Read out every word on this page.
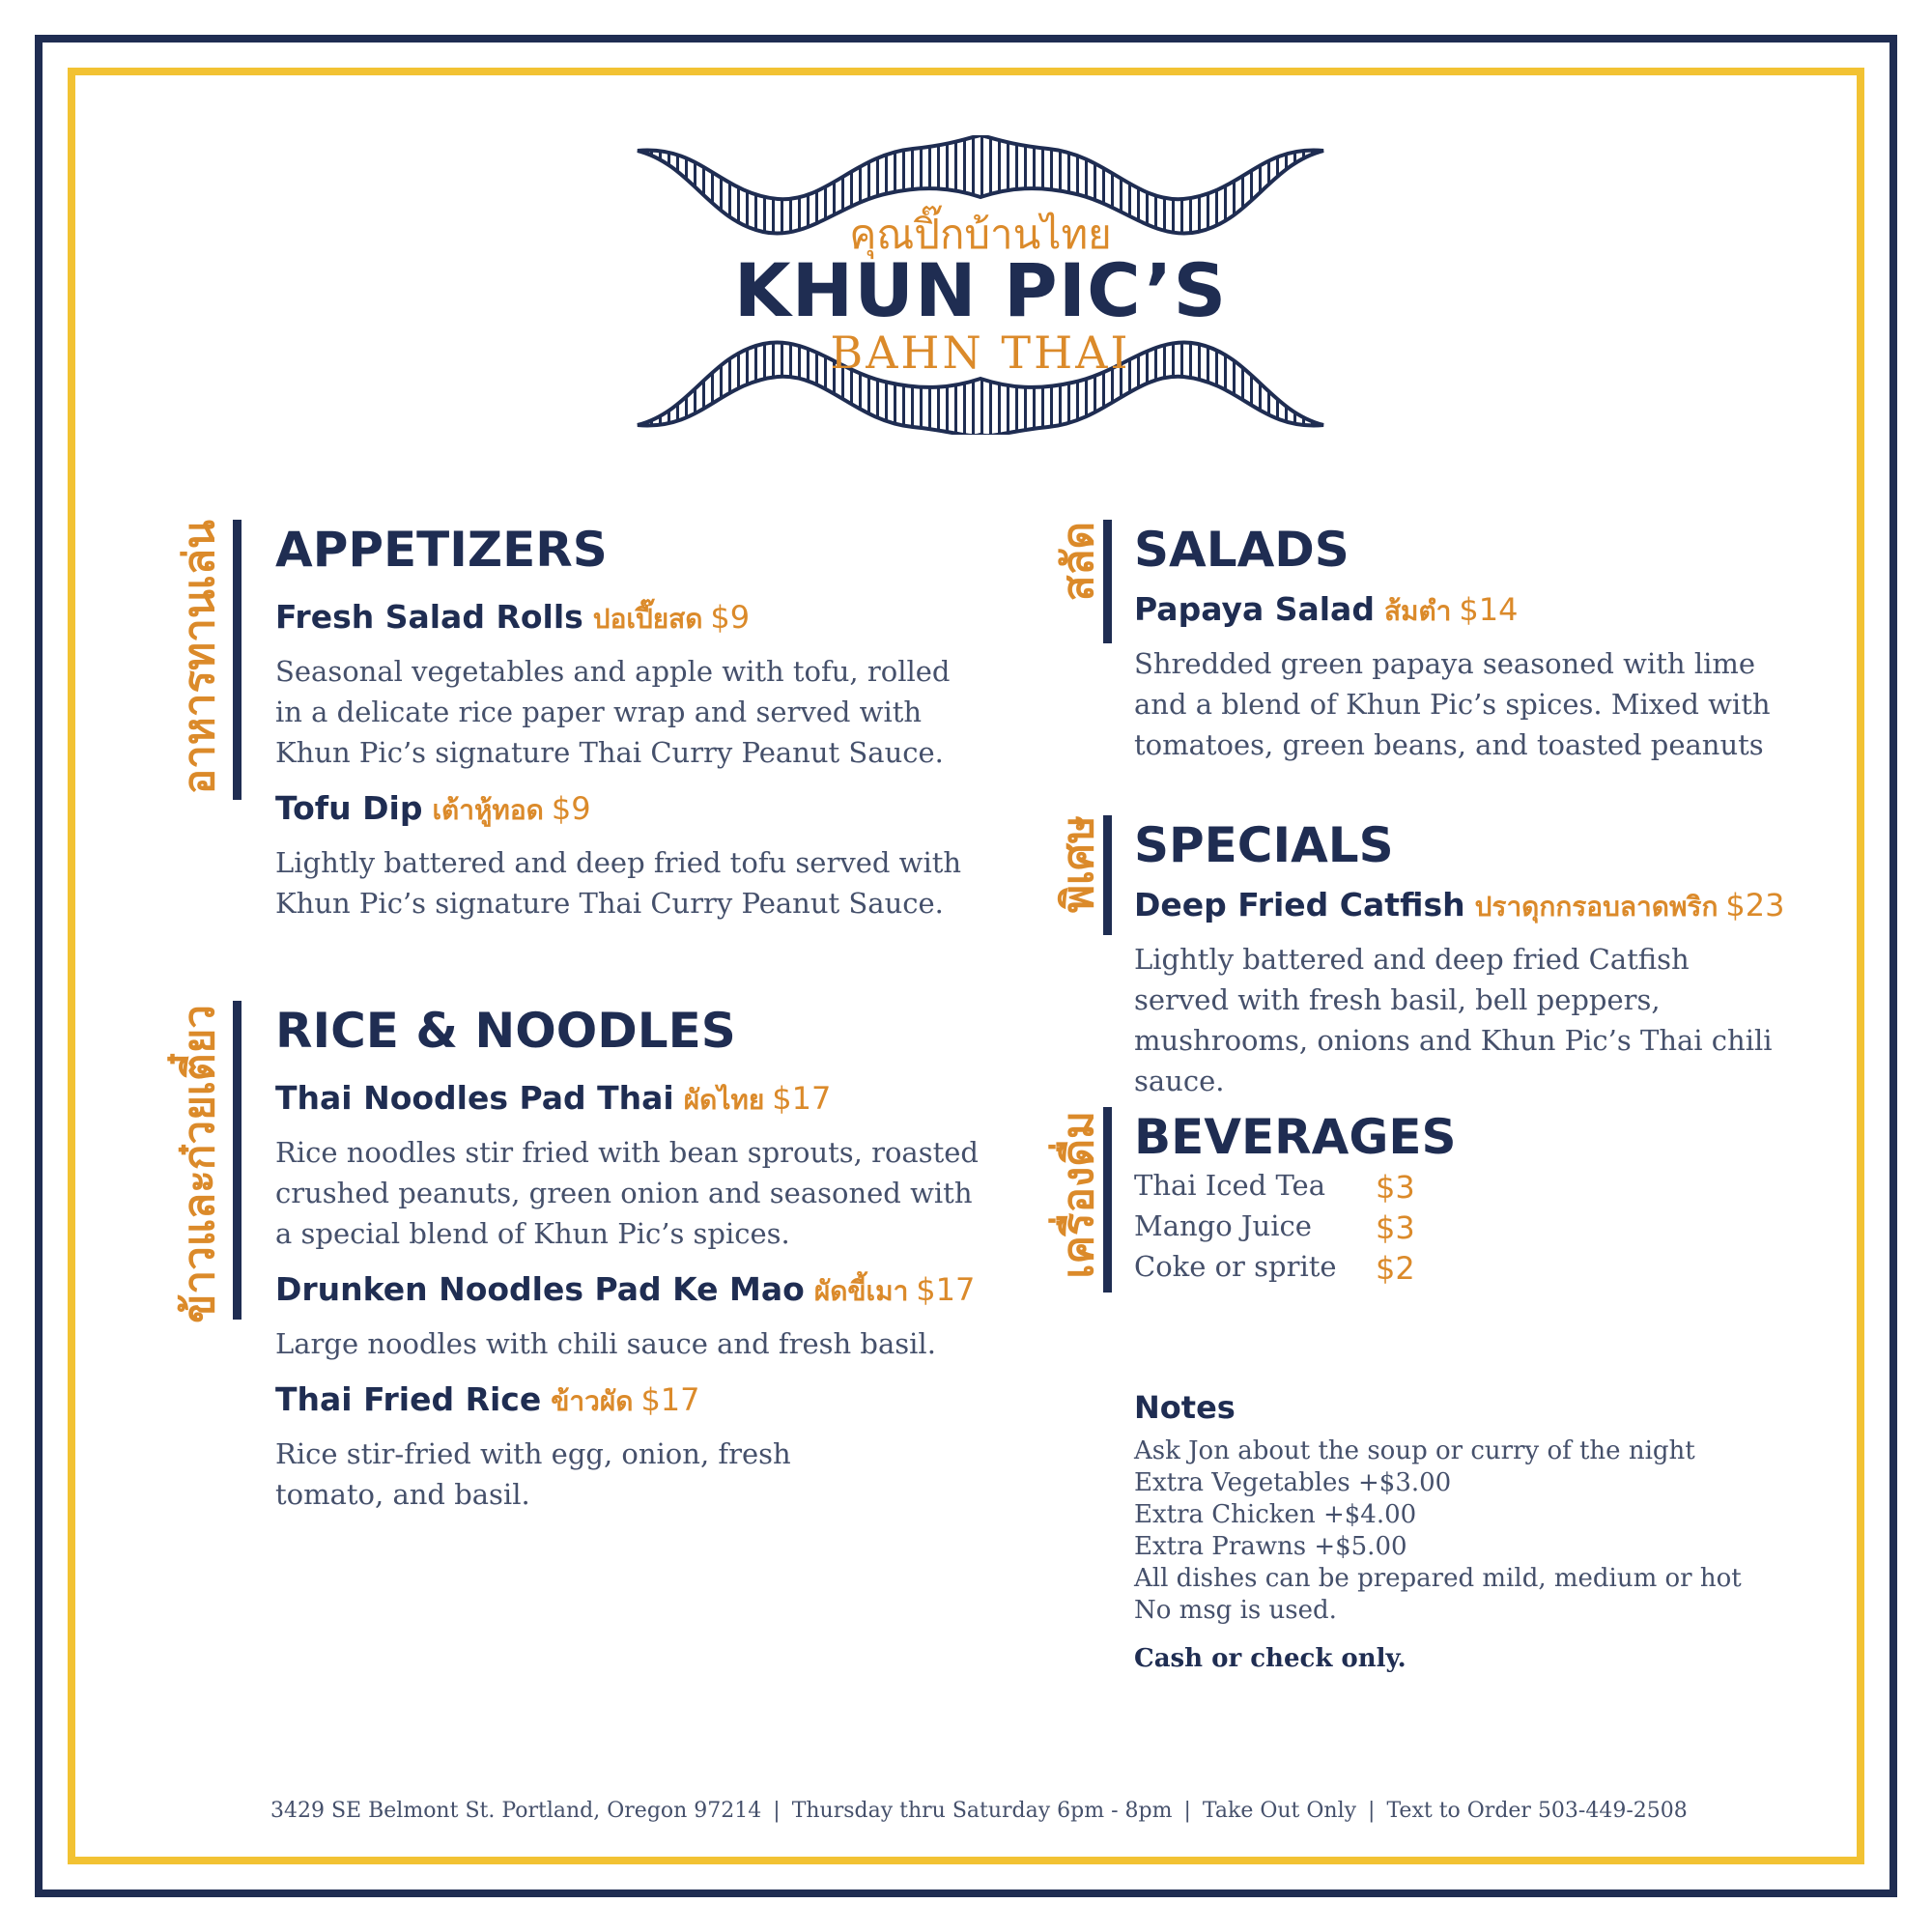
คุณปิ๊กบ้านไทย
KHUN PIC’S
BAHN THAI
อาหารทานเล่น APPETIZERS
Fresh Salad Rolls ปอเปี๊ยสด $9
Seasonal vegetables and apple with tofu, rolled in a delicate rice paper wrap and served with Khun Pic’s signature Thai Curry Peanut Sauce.
Tofu Dip เต้าหู้ทอด $9
Lightly battered and deep fried tofu served with Khun Pic’s signature Thai Curry Peanut Sauce.
ข้าวและก๋วยเตี๋ยว RICE & NOODLES
Thai Noodles Pad Thai ผัดไทย $17
Rice noodles stir fried with bean sprouts, roasted crushed peanuts, green onion and seasoned with a special blend of Khun Pic’s spices.
Drunken Noodles Pad Ke Mao ผัดขี้เมา $17
Large noodles with chili sauce and fresh basil.
Thai Fried Rice ข้าวผัด $17
Rice stir-fried with egg, onion, fresh tomato, and basil.
สลัด SALADS
Papaya Salad ส้มตำ $14
Shredded green papaya seasoned with lime and a blend of Khun Pic’s spices. Mixed with tomatoes, green beans, and toasted peanuts
พิเศษ SPECIALS
Deep Fried Catfish ปราดุกกรอบลาดพริก $23
Lightly battered and deep fried Catfish served with fresh basil, bell peppers, mushrooms, onions and Khun Pic’s Thai chili sauce.
เครื่องดื่ม BEVERAGES
Thai Iced Tea $3
Mango Juice $3
Coke or sprite $2
Notes
Ask Jon about the soup or curry of the night
Extra Vegetables +$3.00
Extra Chicken +$4.00
Extra Prawns +$5.00
All dishes can be prepared mild, medium or hot
No msg is used.
Cash or check only.
3429 SE Belmont St. Portland, Oregon 97214 | Thursday thru Saturday 6pm - 8pm | Take Out Only | Text to Order 503-449-2508
